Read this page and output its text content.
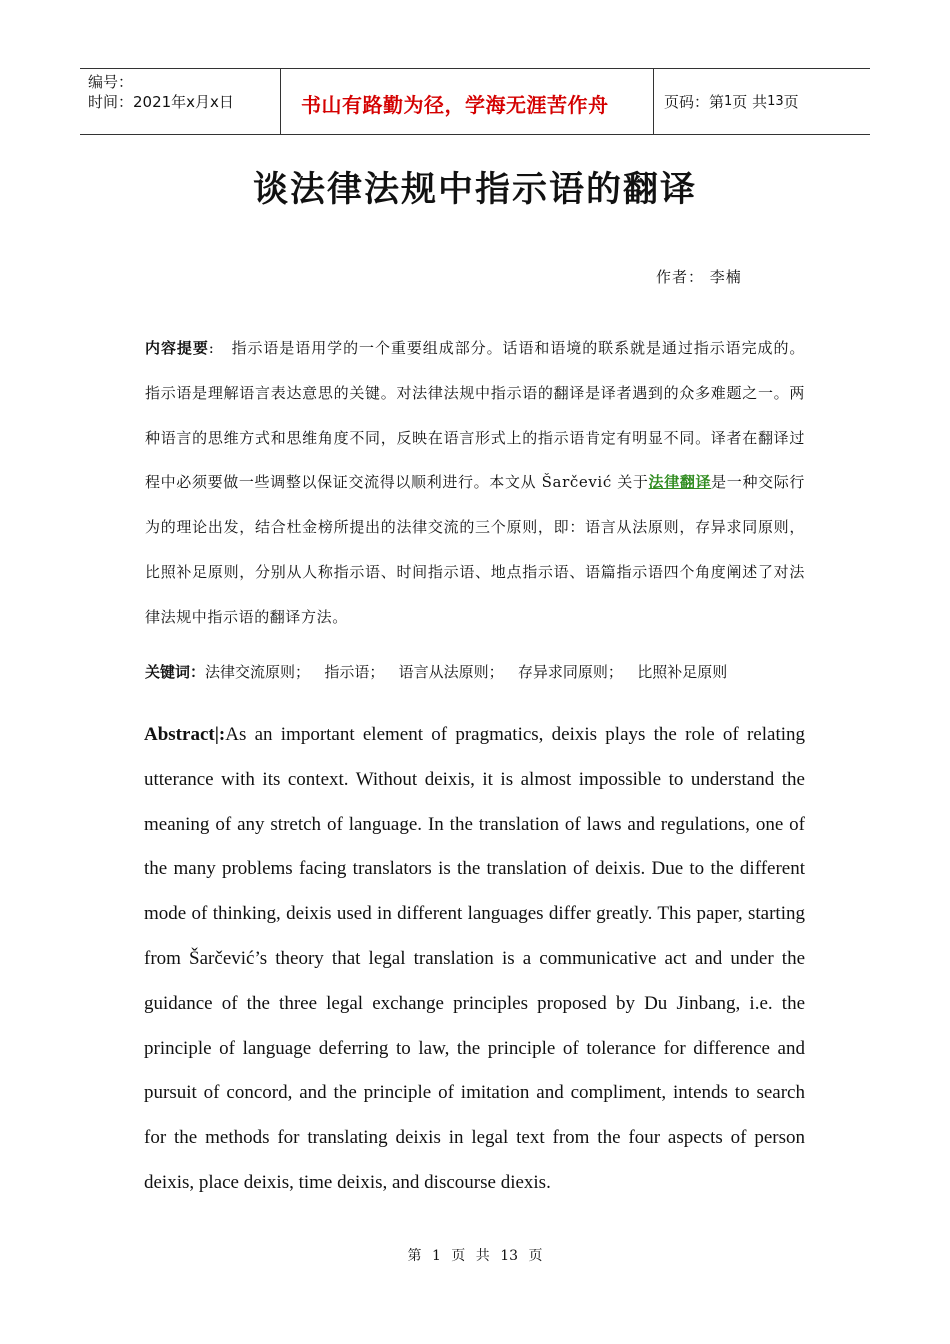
编号：
时间：2021年x月x日	书山有路勤为径，学海无涯苦作舟	页码：第 1 页 共 13 页
谈法律法规中指示语的翻译
作者： 李楠
内容提要:   指示语是语用学的一个重要组成部分。话语和语境的联系就是通过指示语完成的。指示语是理解语言表达意思的关键。对法律法规中指示语的翻译是译者遇到的众多难题之一。两种语言的思维方式和思维角度不同，反映在语言形式上的指示语肯定有明显不同。译者在翻译过程中必须要做一些调整以保证交流得以顺利进行。本文从 Šarčević 关于法律翻译是一种交际行为的理论出发，结合杜金榜所提出的法律交流的三个原则，即：语言从法原则，存异求同原则，比照补足原则，分别从人称指示语、时间指示语、地点指示语、语篇指示语四个角度阐述了对法律法规中指示语的翻译方法。
关键词：法律交流原则；   指示语；   语言从法原则；   存异求同原则；   比照补足原则
Abstract|:As an important element of pragmatics, deixis plays the role of relating utterance with its context. Without deixis, it is almost impossible to understand the meaning of any stretch of language. In the translation of laws and regulations, one of the many problems facing translators is the translation of deixis. Due to the different mode of thinking, deixis used in different languages differ greatly. This paper, starting from Šarčević’s theory that legal translation is a communicative act and under the guidance of the three legal exchange principles proposed by Du Jinbang, i.e. the principle of language deferring to law, the principle of tolerance for difference and pursuit of concord, and the principle of imitation and compliment, intends to search for the methods for translating deixis in legal text from the four aspects of person deixis, place deixis, time deixis, and discourse diexis.
第 1 页 共 13 页
